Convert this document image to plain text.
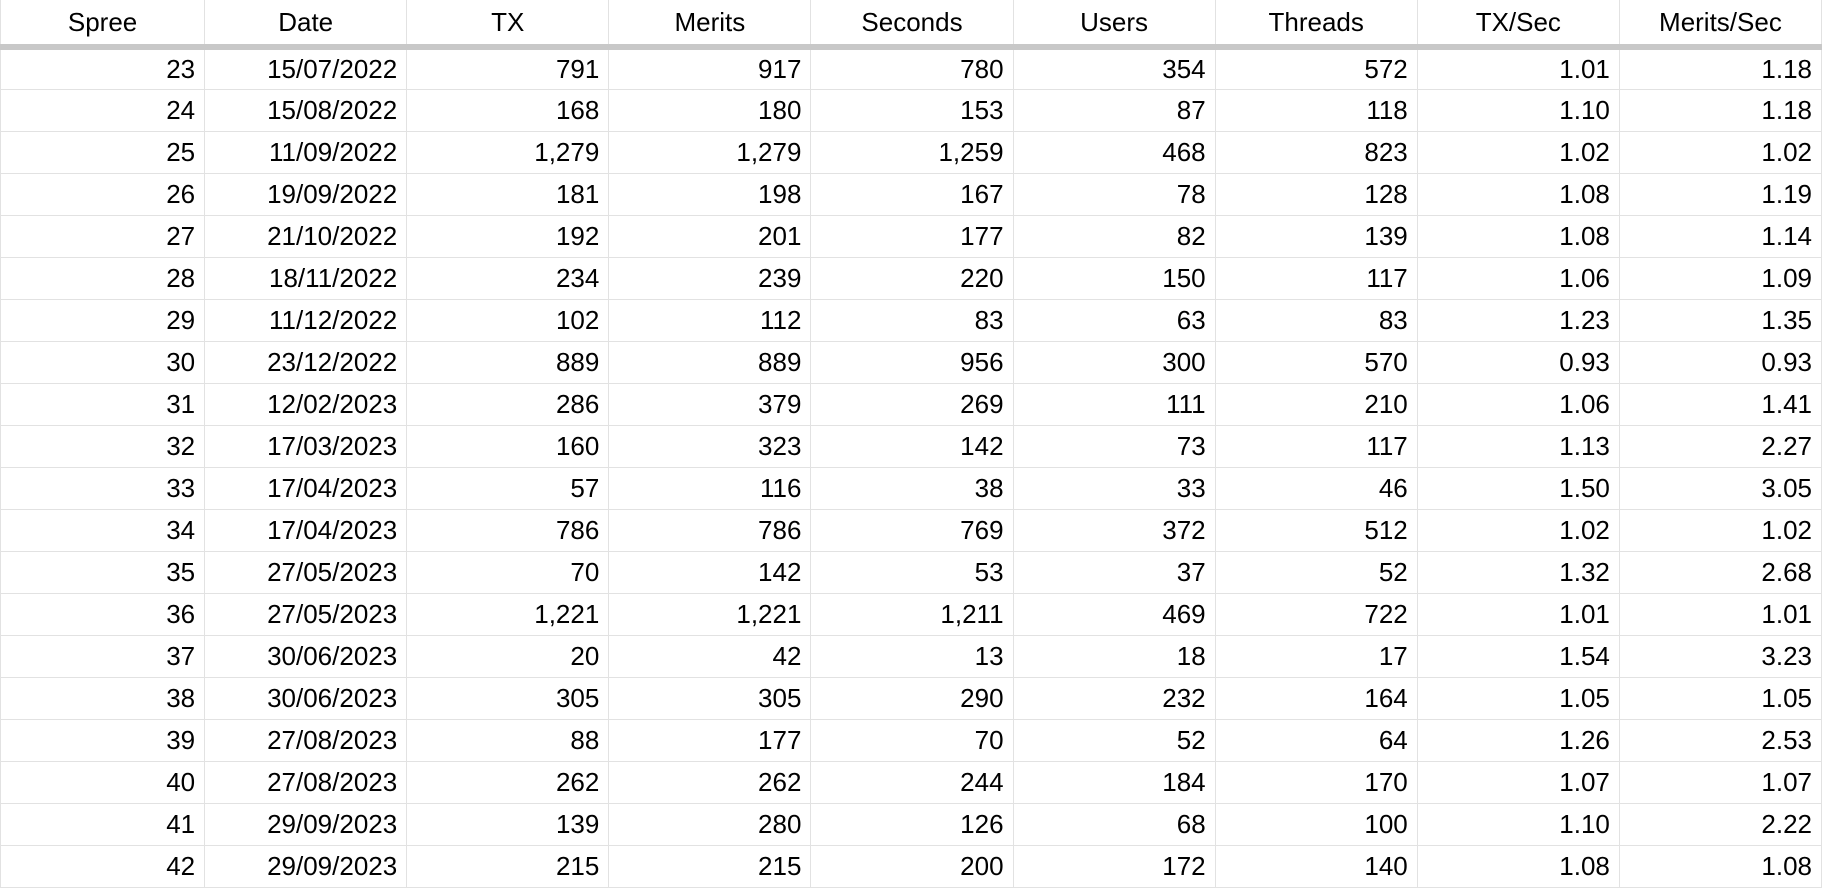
Spree	Date	TX	Merits	Seconds	Users	Threads	TX/Sec	Merits/Sec
23	15/07/2022	791	917	780	354	572	1.01	1.18
24	15/08/2022	168	180	153	87	118	1.10	1.18
25	11/09/2022	1,279	1,279	1,259	468	823	1.02	1.02
26	19/09/2022	181	198	167	78	128	1.08	1.19
27	21/10/2022	192	201	177	82	139	1.08	1.14
28	18/11/2022	234	239	220	150	117	1.06	1.09
29	11/12/2022	102	112	83	63	83	1.23	1.35
30	23/12/2022	889	889	956	300	570	0.93	0.93
31	12/02/2023	286	379	269	111	210	1.06	1.41
32	17/03/2023	160	323	142	73	117	1.13	2.27
33	17/04/2023	57	116	38	33	46	1.50	3.05
34	17/04/2023	786	786	769	372	512	1.02	1.02
35	27/05/2023	70	142	53	37	52	1.32	2.68
36	27/05/2023	1,221	1,221	1,211	469	722	1.01	1.01
37	30/06/2023	20	42	13	18	17	1.54	3.23
38	30/06/2023	305	305	290	232	164	1.05	1.05
39	27/08/2023	88	177	70	52	64	1.26	2.53
40	27/08/2023	262	262	244	184	170	1.07	1.07
41	29/09/2023	139	280	126	68	100	1.10	2.22
42	29/09/2023	215	215	200	172	140	1.08	1.08
